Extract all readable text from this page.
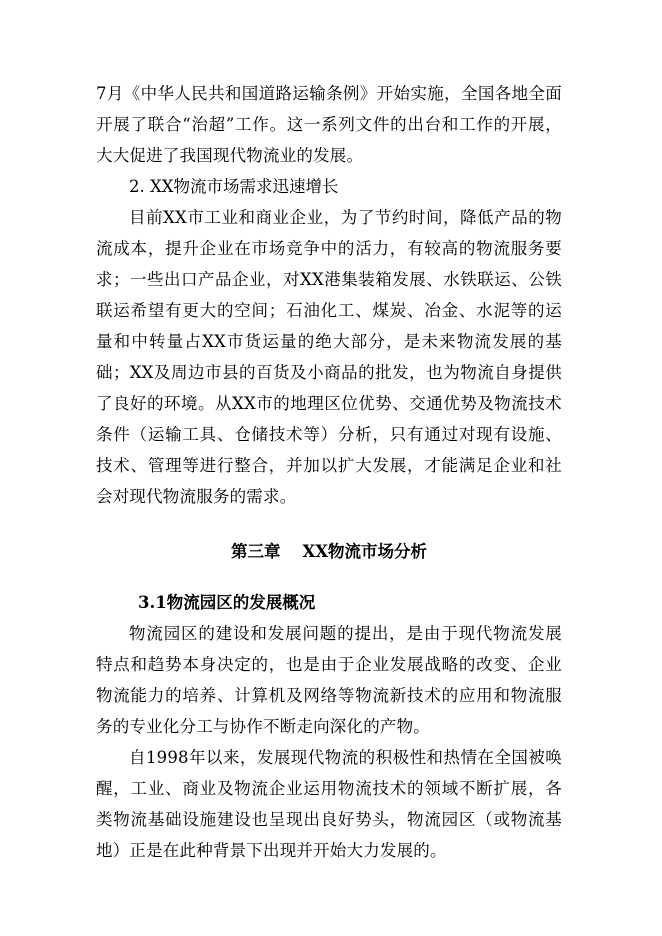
7月《中华人民共和国道路运输条例》开始实施，全国各地全面开展了联合“治超”工作。这一系列文件的出台和工作的开展，大大促进了我国现代物流业的发展。

2. XX物流市场需求迅速增长

目前XX市工业和商业企业，为了节约时间，降低产品的物流成本，提升企业在市场竞争中的活力，有较高的物流服务要求；一些出口产品企业，对XX港集装箱发展、水铁联运、公铁联运希望有更大的空间；石油化工、煤炭、冶金、水泥等的运量和中转量占XX市货运量的绝大部分，是未来物流发展的基础；XX及周边市县的百货及小商品的批发，也为物流自身提供了良好的环境。从XX市的地理区位优势、交通优势及物流技术条件（运输工具、仓储技术等）分析，只有通过对现有设施、技术、管理等进行整合，并加以扩大发展，才能满足企业和社会对现代物流服务的需求。

第三章 XX物流市场分析

3.1物流园区的发展概况

物流园区的建设和发展问题的提出，是由于现代物流发展特点和趋势本身决定的，也是由于企业发展战略的改变、企业物流能力的培养、计算机及网络等物流新技术的应用和物流服务的专业化分工与协作不断走向深化的产物。

自1998年以来，发展现代物流的积极性和热情在全国被唤醒，工业、商业及物流企业运用物流技术的领域不断扩展，各类物流基础设施建设也呈现出良好势头，物流园区（或物流基地）正是在此种背景下出现并开始大力发展的。
